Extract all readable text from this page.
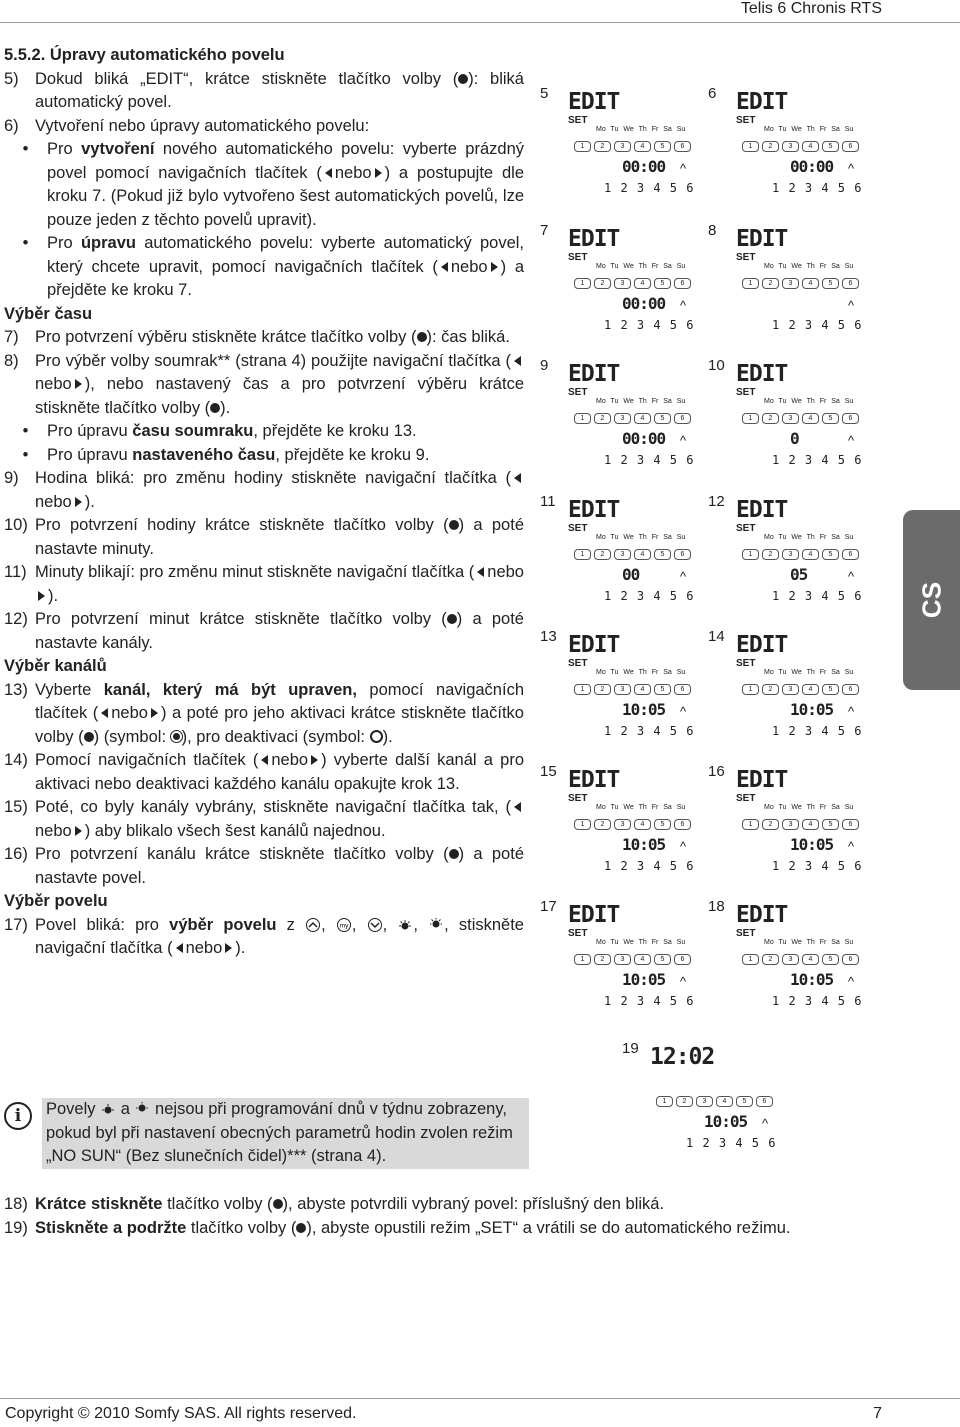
Telis 6 Chronis RTS
CS

5.5.2. Úpravy automatického povelu

5) Dokud bliká „EDIT“, krátce stiskněte tlačítko volby ( ): bliká automatický povel.
6) Vytvoření nebo úpravy automatického povelu:
•	Pro vytvoření nového automatického povelu: vyberte prázdný povel pomocí navigačních tlačítek ( nebo ) a postupujte dle kroku 7. (Pokud již bylo vytvořeno šest automatických povelů, lze pouze jeden z těchto povelů upravit).
•	Pro úpravu automatického povelu: vyberte automatický povel, který chcete upravit, pomocí navigačních tlačítek ( nebo ) a přejděte ke kroku 7.

Výběr času

7) Pro potvrzení výběru stiskněte krátce tlačítko volby ( ): čas bliká.
8) Pro výběr volby soumrak** (strana 4) použijte navigační tlačítka (nebo ), nebo nastavený čas a pro potvrzení výběru krátce stiskněte tlačítko volby ( ).
•	Pro úpravu času soumraku, přejděte ke kroku 13.
•	Pro úpravu nastaveného času, přejděte ke kroku 9.
9) Hodina bliká: pro změnu hodiny stiskněte navigační tlačítka (nebo ).
10) Pro potvrzení hodiny krátce stiskněte tlačítko volby ( ) a poté nastavte minuty.
11) Minuty blikají: pro změnu minut stiskněte navigační tlačítka ( nebo).
12) Pro potvrzení minut krátce stiskněte tlačítko volby ( ) a poté nastavte kanály.

Výběr kanálů

13) Vyberte kanál, který má být upraven, pomocí navigačních tlačítek ( nebo ) a poté pro jeho aktivaci krátce stiskněte tlačítko volby ( ) (symbol: ), pro deaktivaci (symbol: ).
14) Pomocí navigačních tlačítek ( nebo ) vyberte další kanál a pro aktivaci nebo deaktivaci každého kanálu opakujte krok 13.
15) Poté, co byly kanály vybrány, stiskněte navigační tlačítka tak, (nebo ) aby blikalo všech šest kanálů najednou.
16) Pro potvrzení kanálu krátce stiskněte tlačítko volby ( ) a poté nastavte povel.

Výběr povelu

17) Povel bliká: pro výběr povelu z , my , , , , stiskněte navigační tlačítka ( nebo ).
i	Povely  a  nejsou při programování dnů v týdnu zobrazeny, pokud byl při nastavení obecných parametrů hodin zvolen režim „NO SUN“ (Bez slunečních čidel)*** (strana 4).
18) Krátce stiskněte tlačítko volby ( ), abyste potvrdili vybraný povel: příslušný den bliká.
19) Stiskněte a podržte tlačítko volby ( ), abyste opustili režim „SET“ a vrátili se do automatického režimu.
5 EDIT
SET
Mo Tu We Th Fr Sa Su
1	2	3	4	5	6
00:00
1 2 3 4 5 6
^
6 EDIT
SET
Mo Tu We Th Fr Sa Su
1	2	3	4	5	6
00:00
1 2 3 4 5 6
^
7 EDIT
SET
Mo Tu We Th Fr Sa Su
1	2	3	4	5	6
00:00
1 2 3 4 5 6
^
8 EDIT
SET
Mo Tu We Th Fr Sa Su
1	2	3	4	5	6
1 2 3 4 5 6
^
9 EDIT
SET
Mo Tu We Th Fr Sa Su
1	2	3	4	5	6
00:00
1 2 3 4 5 6
^
10 EDIT
SET
Mo Tu We Th Fr Sa Su
1	2	3	4	5	6
0
1 2 3 4 5 6
^
11 EDIT
SET
Mo Tu We Th Fr Sa Su
1	2	3	4	5	6
00
1 2 3 4 5 6
^
12 EDIT
SET
Mo Tu We Th Fr Sa Su
1	2	3	4	5	6
05
1 2 3 4 5 6
^
13 EDIT
SET
Mo Tu We Th Fr Sa Su
1	2	3	4	5	6
10:05
1 2 3 4 5 6
^
14 EDIT
SET
Mo Tu We Th Fr Sa Su
1	2	3	4	5	6
10:05
1 2 3 4 5 6
^
15 EDIT
SET
Mo Tu We Th Fr Sa Su
1	2	3	4	5	6
10:05
1 2 3 4 5 6
^
16 EDIT
SET
Mo Tu We Th Fr Sa Su
1	2	3	4	5	6
10:05
1 2 3 4 5 6
^
17 EDIT
SET
Mo Tu We Th Fr Sa Su
1	2	3	4	5	6
10:05
1 2 3 4 5 6
^
18 EDIT
SET
Mo Tu We Th Fr Sa Su
1	2	3	4	5	6
10:05
1 2 3 4 5 6
^
19 12:02
1	2	3	4	5	6
10:05
1 2 3 4 5 6
^
Copyright © 2010 Somfy SAS. All rights reserved.	7
